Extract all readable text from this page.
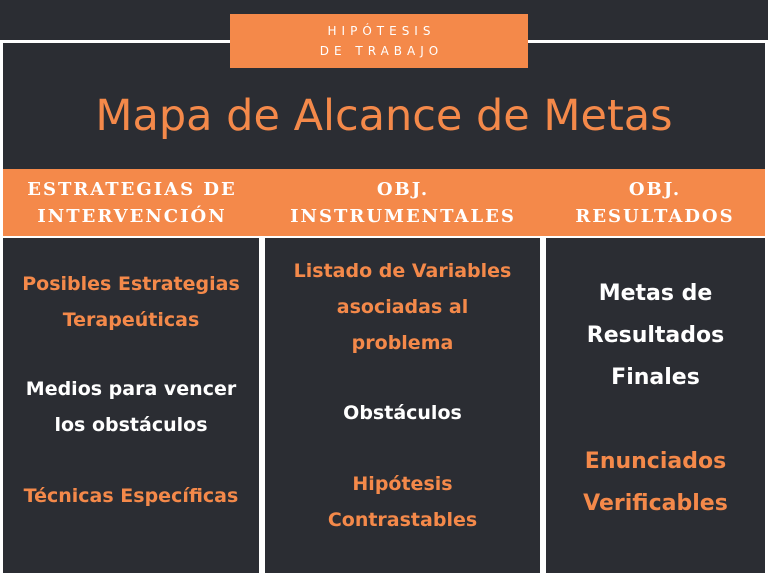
HIPÓTESIS
DE TRABAJO
Mapa de Alcance de Metas
ESTRATEGIAS DE
INTERVENCIÓN
OBJ.
INSTRUMENTALES
OBJ.
RESULTADOS
Posibles Estrategias
Terapeúticas
Medios para vencer
los obstáculos
Técnicas Específicas
Listado de Variables
asociadas al
problema
Obstáculos
Hipótesis
Contrastables
Metas de
Resultados
Finales
Enunciados
Verificables
